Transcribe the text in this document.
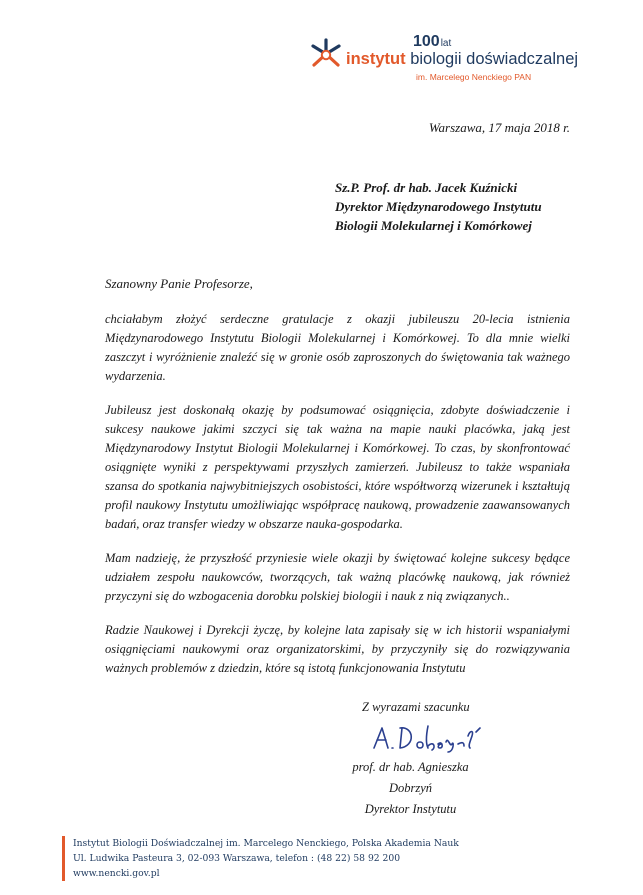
100lat
instytut biologii doświadczalnej
im. Marcelego Nenckiego PAN
Warszawa, 17 maja 2018 r.
Sz.P. Prof. dr hab. Jacek Kuźnicki
Dyrektor Międzynarodowego Instytutu
Biologii Molekularnej i Komórkowej
Szanowny Panie Profesorze,

chciałabym złożyć serdeczne gratulacje z okazji jubileuszu 20-lecia istnienia Międzynarodowego Instytutu Biologii Molekularnej i Komórkowej. To dla mnie wielki zaszczyt i wyróżnienie znaleźć się w gronie osób zaproszonych do świętowania tak ważnego wydarzenia.

Jubileusz jest doskonałą okazję by podsumować osiągnięcia, zdobyte doświadczenie i sukcesy naukowe jakimi szczyci się tak ważna na mapie nauki placówka, jaką jest Międzynarodowy Instytut Biologii Molekularnej i Komórkowej. To czas, by skonfrontować osiągnięte wyniki z perspektywami przyszłych zamierzeń. Jubileusz to także wspaniała szansa do spotkania najwybitniejszych osobistości, które współtworzą wizerunek i kształtują profil naukowy Instytutu umożliwiając współpracę naukową, prowadzenie zaawansowanych badań, oraz transfer wiedzy w obszarze nauka-gospodarka.

Mam nadzieję, że przyszłość przyniesie wiele okazji by świętować kolejne sukcesy będące udziałem zespołu naukowców, tworzących, tak ważną placówkę naukową, jak również przyczyni się do wzbogacenia dorobku polskiej biologii i nauk z nią związanych..

Radzie Naukowej i Dyrekcji życzę, by kolejne lata zapisały się w ich historii wspaniałymi osiągnięciami naukowymi oraz organizatorskimi, by przyczyniły się do rozwiązywania ważnych problemów z dziedzin, które są istotą funkcjonowania Instytutu

Z wyrazami szacunku
prof. dr hab. Agnieszka Dobrzyń
Dyrektor Instytutu
Instytut Biologii Doświadczalnej im. Marcelego Nenckiego, Polska Akademia Nauk
Ul. Ludwika Pasteura 3, 02-093 Warszawa, telefon : (48 22) 58 92 200
www.nencki.gov.pl
